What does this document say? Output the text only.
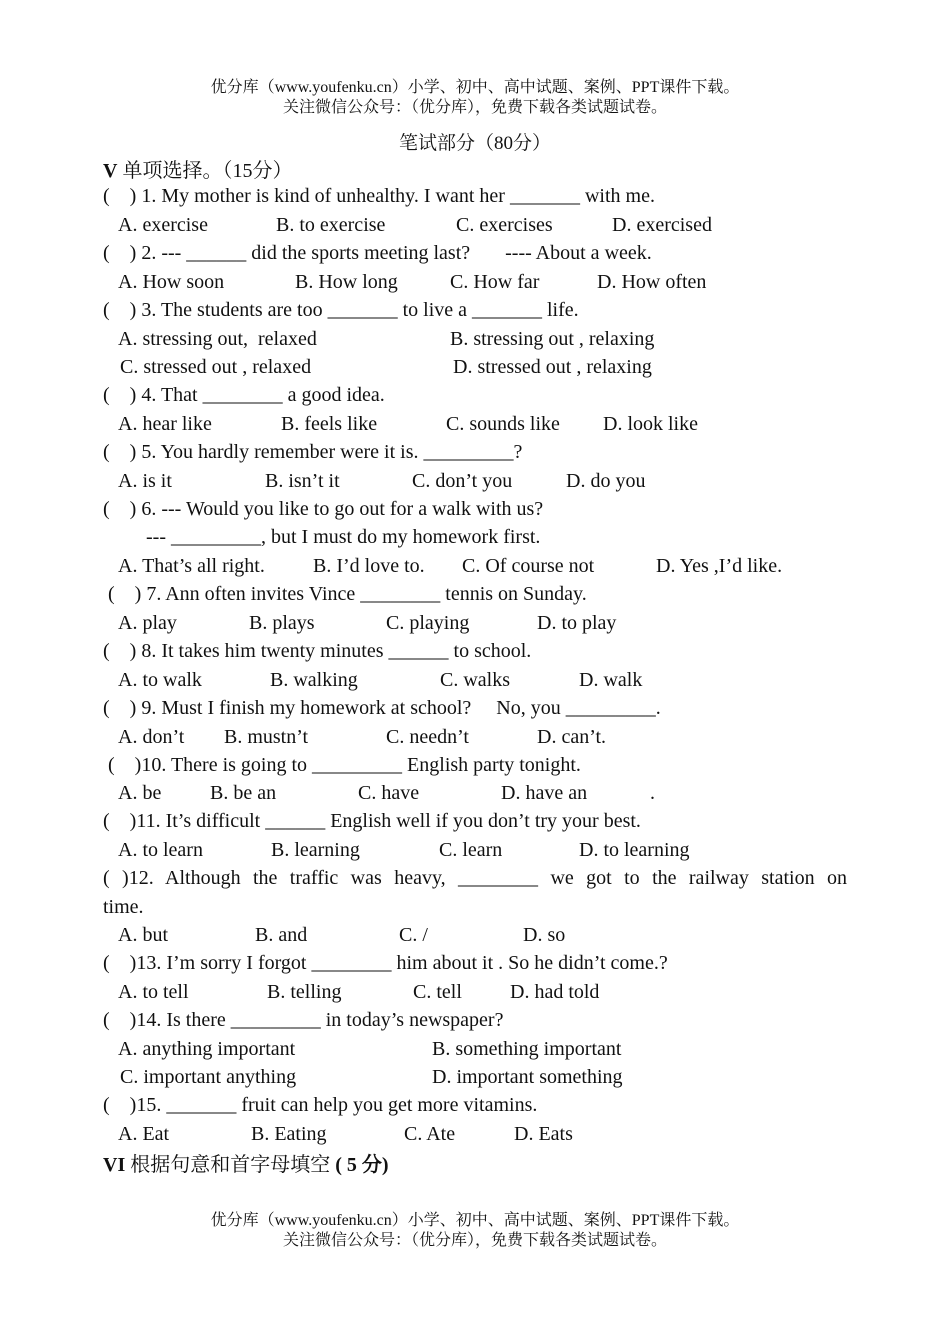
优分库（www.youfenku.cn）小学、初中、高中试题、案例、PPT课件下载。
关注微信公众号：（优分库），免费下载各类试题试卷。
笔试部分（80分）
V 单项选择。（15分）
(    ) 1. My mother is kind of unhealthy. I want her _______ with me.
A. exercise	B. to exercise	C. exercises	D. exercised
(    ) 2. --- ______ did the sports meeting last?       ---- About a week.
A. How soon	B. How long	C. How far	D. How often
(    ) 3. The students are too _______ to live a _______ life.
A. stressing out,  relaxed	B. stressing out , relaxing
C. stressed out , relaxed	D. stressed out , relaxing
(    ) 4. That ________ a good idea.
A. hear like	B. feels like	C. sounds like D. look like
(    ) 5. You hardly remember were it is. _________?
A. is it	B. isn’t it	C. don’t you	D. do you
(    ) 6. --- Would you like to go out for a walk with us?
--- _________, but I must do my homework first.
A. That’s all right. B. I’d love to. C. Of course not	D. Yes ,I’d like.
(    ) 7. Ann often invites Vince ________ tennis on Sunday.
A. play	B. plays	C. playing	D. to play
(    ) 8. It takes him twenty minutes ______ to school.
A. to walk	B. walking	C. walks	D. walk
(    ) 9. Must I finish my homework at school?     No, you _________.
A. don’t B. mustn’t	C. needn’t	D. can’t.
(    )10. There is going to _________ English party tonight.
A. be B. be an	C. have	D. have an	.
(    )11. It’s difficult ______ English well if you don’t try your best.
A. to learn	B. learning	C. learn	D. to learning
( )12. Although the traffic was heavy, ________ we got to the railway station on
time.
A. but	B. and	C. /	D. so
(    )13. I’m sorry I forgot ________ him about it . So he didn’t come.?
A. to tell	B. telling	C. tell D. had told
(    )14. Is there _________ in today’s newspaper?
A. anything important	B. something important
C. important anything	D. important something
(    )15. _______ fruit can help you get more vitamins.
A. Eat	B. Eating	C. Ate	D. Eats
VI 根据句意和首字母填空 ( 5 分)
优分库（www.youfenku.cn）小学、初中、高中试题、案例、PPT课件下载。
关注微信公众号：（优分库），免费下载各类试题试卷。
